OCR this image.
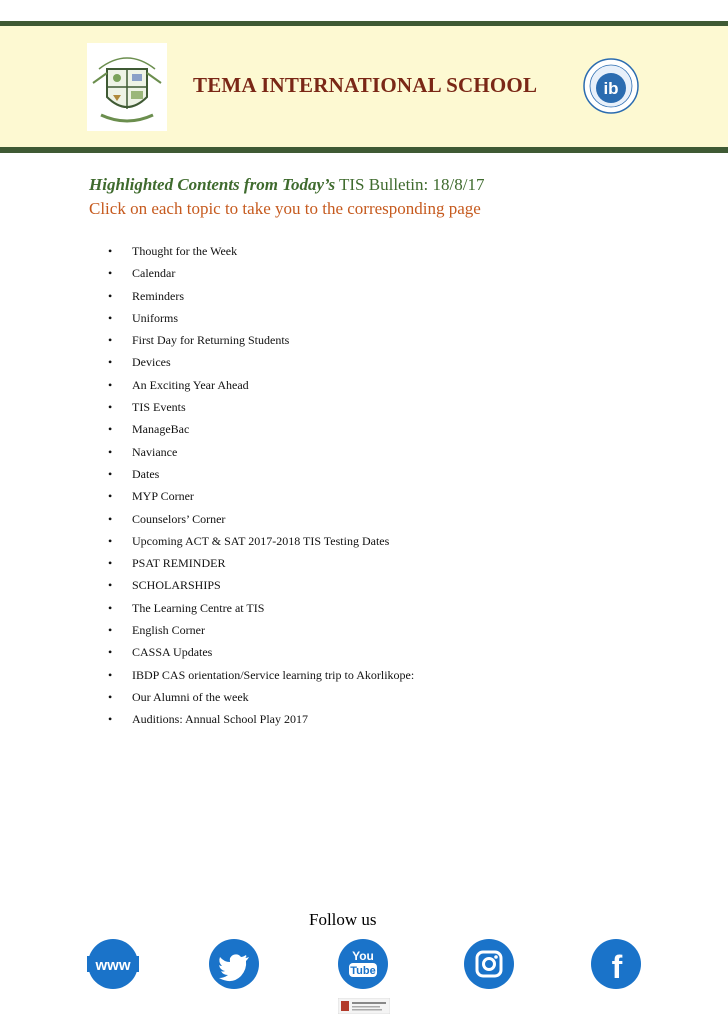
TEMA INTERNATIONAL SCHOOL	ib
Highlighted Contents from Today’s TIS Bulletin: 18/8/17
Click on each topic to take you to the corresponding page
• Thought for the Week
• Calendar
• Reminders
• Uniforms
• First Day for Returning Students
• Devices
• An Exciting Year Ahead
• TIS Events
• ManageBac
• Naviance
• Dates
• MYP Corner
• Counselors’ Corner
• Upcoming ACT & SAT 2017-2018 TIS Testing Dates
• PSAT REMINDER
• SCHOLARSHIPS
• The Learning Centre at TIS
• English Corner
• CASSA Updates
• IBDP CAS orientation/Service learning trip to Akorlikope:
• Our Alumni of the week
• Auditions: Annual School Play 2017
Follow us
www
You
Tube	f
